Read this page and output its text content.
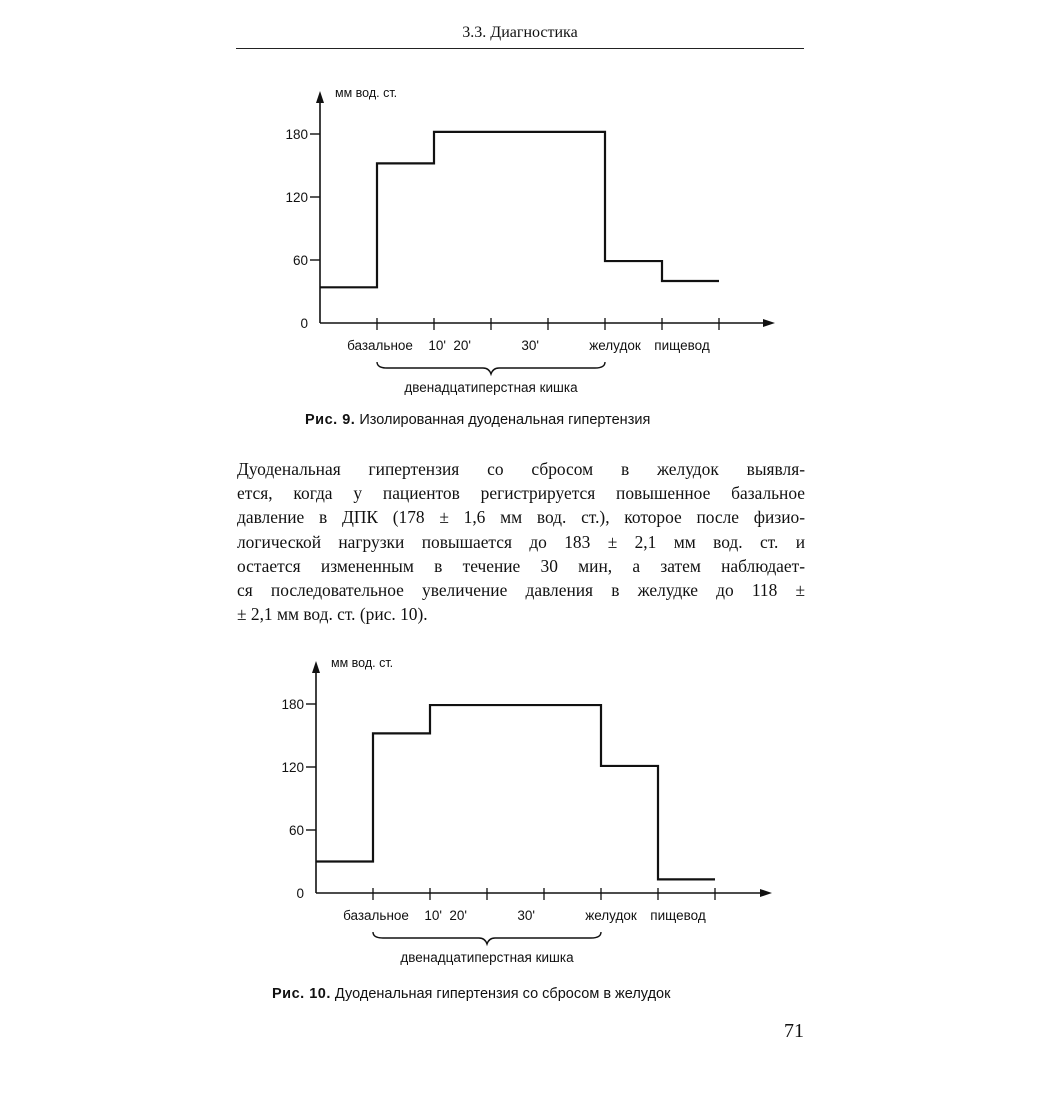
3.3. Диагностика
мм вод. ст.
0
60
120
180
базальное 10' 20'	30'	желудок пищевод
двенадцатиперстная кишка
Рис. 9. Изолированная дуоденальная гипертензия
Дуоденальная гипертензия со сбросом в желудок выявля-
ется, когда у пациентов регистрируется повышенное базальное
давление в ДПК (178 ± 1,6 мм вод. ст.), которое после физио-
логической нагрузки повышается до 183 ± 2,1 мм вод. ст. и
остается измененным в течение 30 мин, а затем наблюдает-
ся последовательное увеличение давления в желудке до 118 ±
± 2,1 мм вод. ст. (рис. 10).
мм вод. ст.
0
60
120
180
базальное 10' 20'	30'	желудок пищевод
двенадцатиперстная кишка
Рис. 10. Дуоденальная гипертензия со сбросом в желудок
71
